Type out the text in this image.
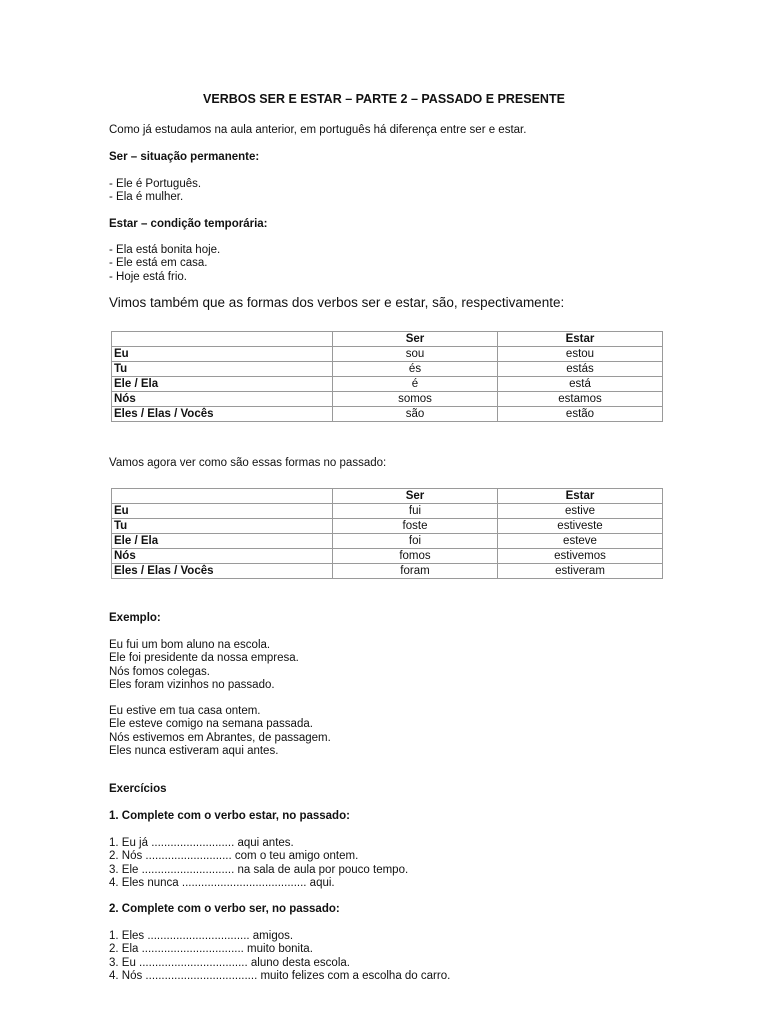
VERBOS SER E ESTAR – PARTE 2 – PASSADO E PRESENTE
Como já estudamos na aula anterior, em português há diferença entre ser e estar.
Ser – situação permanente:
- Ele é Português.
- Ela é mulher.
Estar – condição temporária:
- Ela está bonita hoje.
- Ele está em casa.
- Hoje está frio.
Vimos também que as formas dos verbos ser e estar, são, respectivamente:
	Ser	Estar
Eu	sou	estou
Tu	és	estás
Ele / Ela	é	está
Nós	somos	estamos
Eles / Elas / Vocês	são	estão
Vamos agora ver como são essas formas no passado:
	Ser	Estar
Eu	fui	estive
Tu	foste	estiveste
Ele / Ela	foi	esteve
Nós	fomos	estivemos
Eles / Elas / Vocês	foram	estiveram
Exemplo:
Eu fui um bom aluno na escola.
Ele foi presidente da nossa empresa.
Nós fomos colegas.
Eles foram vizinhos no passado.
Eu estive em tua casa ontem.
Ele esteve comigo na semana passada.
Nós estivemos em Abrantes, de passagem.
Eles nunca estiveram aqui antes.
Exercícios
1. Complete com o verbo estar, no passado:
1. Eu já .......................... aqui antes.
2. Nós ........................... com o teu amigo ontem.
3. Ele ............................. na sala de aula por pouco tempo.
4. Eles nunca ....................................... aqui.
2. Complete com o verbo ser, no passado:
1. Eles ................................ amigos.
2. Ela ................................ muito bonita.
3. Eu .................................. aluno desta escola.
4. Nós ................................... muito felizes com a escolha do carro.
